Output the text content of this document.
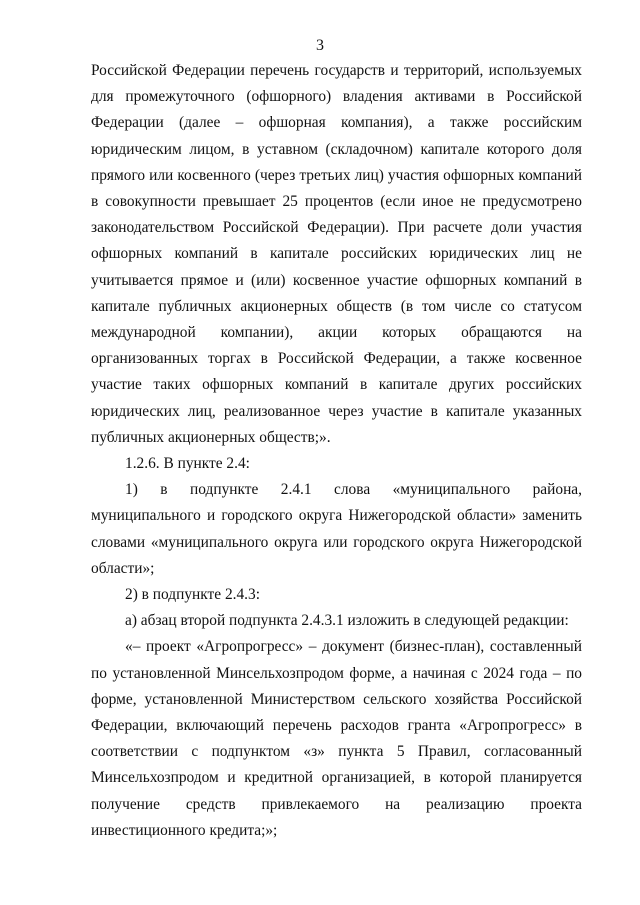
3

Российской Федерации перечень государств и территорий, используемых для промежуточного (офшорного) владения активами в Российской Федерации (далее – офшорная компания), а также российским юридическим лицом, в уставном (складочном) капитале которого доля прямого или косвенного (через третьих лиц) участия офшорных компаний в совокупности превышает 25 процентов (если иное не предусмотрено законодательством Российской Федерации). При расчете доли участия офшорных компаний в капитале российских юридических лиц не учитывается прямое и (или) косвенное участие офшорных компаний в капитале публичных акционерных обществ (в том числе со статусом международной компании), акции которых обращаются на организованных торгах в Российской Федерации, а также косвенное участие таких офшорных компаний в капитале других российских юридических лиц, реализованное через участие в капитале указанных публичных акционерных обществ;».

1.2.6. В пункте 2.4:

1) в подпункте 2.4.1 слова «муниципального района, муниципального и городского округа Нижегородской области» заменить словами «муниципального округа или городского округа Нижегородской области»;

2) в подпункте 2.4.3:

а) абзац второй подпункта 2.4.3.1 изложить в следующей редакции:

«– проект «Агропрогресс» – документ (бизнес-план), составленный по установленной Минсельхозпродом форме, а начиная с 2024 года – по форме, установленной Министерством сельского хозяйства Российской Федерации, включающий перечень расходов гранта «Агропрогресс» в соответствии с подпунктом «з» пункта 5 Правил, согласованный Минсельхозпродом и кредитной организацией, в которой планируется получение средств привлекаемого на реализацию проекта

инвестиционного кредита;»;
